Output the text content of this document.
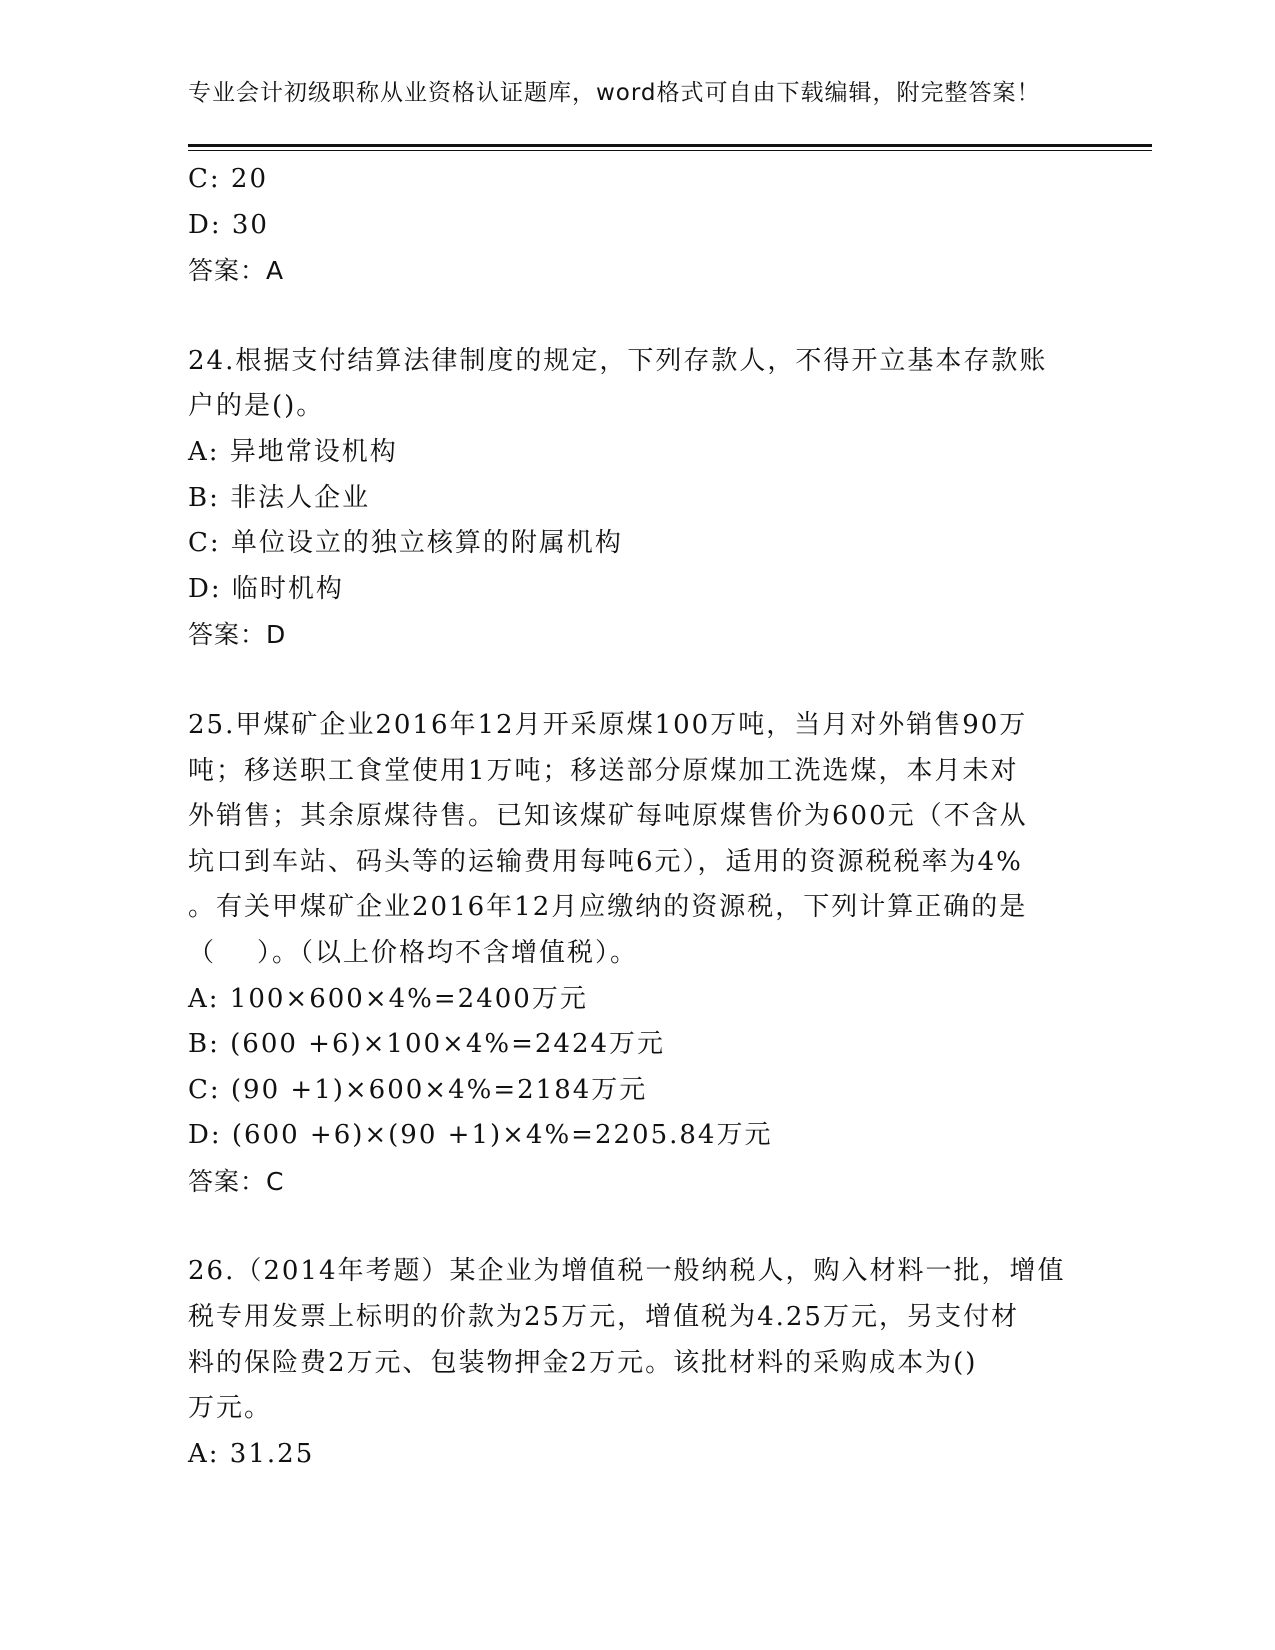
专业会计初级职称从业资格认证题库，word格式可自由下载编辑，附完整答案！
C: 20
D: 30
答案：A
24.根据支付结算法律制度的规定，下列存款人，不得开立基本存款账
户的是()。
A: 异地常设机构
B: 非法人企业
C: 单位设立的独立核算的附属机构
D: 临时机构
答案：D
25.甲煤矿企业2016年12月开采原煤100万吨，当月对外销售90万
吨；移送职工食堂使用1万吨；移送部分原煤加工洗选煤，本月未对
外销售；其余原煤待售。已知该煤矿每吨原煤售价为600元（不含从
坑口到车站、码头等的运输费用每吨6元），适用的资源税税率为4%
。有关甲煤矿企业2016年12月应缴纳的资源税，下列计算正确的是
（    ）。（以上价格均不含增值税）。
A: 100×600×4%=2400万元
B: (600 +6)×100×4%=2424万元
C: (90 +1)×600×4%=2184万元
D: (600 +6)×(90 +1)×4%=2205.84万元
答案：C
26.（2014年考题）某企业为增值税一般纳税人，购入材料一批，增值
税专用发票上标明的价款为25万元，增值税为4.25万元，另支付材
料的保险费2万元、包装物押金2万元。该批材料的采购成本为()
万元。
A: 31.25
